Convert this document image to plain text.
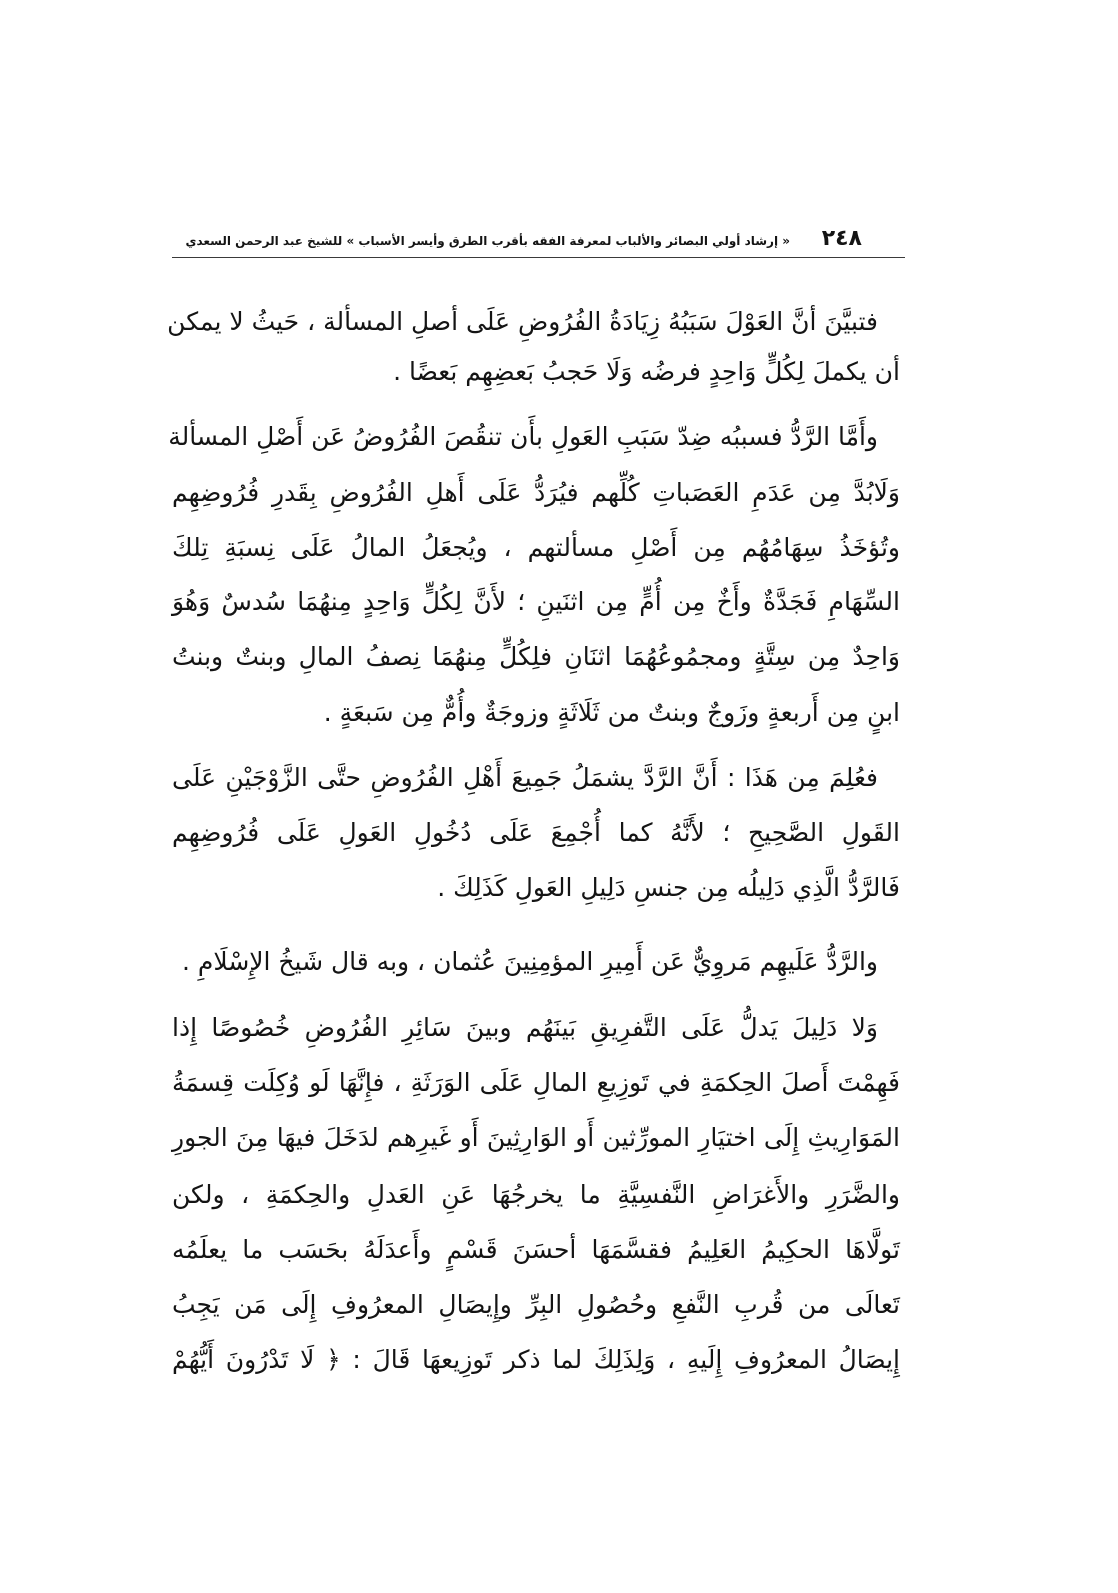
٢٤٨
« إرشاد أولي البصائر والألباب لمعرفة الفقه بأقرب الطرق وأيسر الأسباب » للشيخ عبد الرحمن السعدي
فتبيَّنَ أنَّ العَوْلَ سَبَبُهُ زِيَادَةُ الفُرُوضِ عَلَى أصلِ المسألة ، حَيثُ لا يمكن
أن يكملَ لِكُلٍّ وَاحِدٍ فرضُه وَلَا حَجبُ بَعضِهِم بَعضًا .
وأَمَّا الرَّدُّ فسببُه ضِدّ سَبَبِ العَولِ بأَن تنقُصَ الفُرُوضُ عَن أَصْلِ المسألة
وَلَابُدَّ مِن عَدَمِ العَصَباتِ كُلِّهم فيُرَدُّ عَلَى أَهلِ الفُرُوضِ بِقَدرِ فُرُوضِهِم
وتُؤخَذُ سِهَامُهُم مِن أَصْلِ مسألتهم ، ويُجعَلُ المالُ عَلَى نِسبَةِ تِلكَ
السِّهَامِ فَجَدَّةٌ وأَخٌ مِن أُمٍّ مِن اثنَينِ ؛ لأَنَّ لِكُلٍّ وَاحِدٍ مِنهُمَا سُدسٌ وَهُوَ
وَاحِدٌ مِن سِتَّةٍ ومجمُوعُهُمَا اثنَانِ فلِكُلٍّ مِنهُمَا نِصفُ المالِ وبنتٌ وبنتُ
ابنٍ مِن أَربعةٍ وزَوجٌ وبنتٌ من ثَلَاثَةٍ وزوجَةٌ وأُمٌّ مِن سَبعَةٍ .
فعُلِمَ مِن هَذَا : أَنَّ الرَّدَّ يشمَلُ جَمِيعَ أَهْلِ الفُرُوضِ حتَّى الزَّوْجَيْنِ عَلَى
القَولِ الصَّحِيحِ ؛ لأَنَّهُ كما أُجْمِعَ عَلَى دُخُولِ العَولِ عَلَى فُرُوضِهِم
فَالرَّدُّ الَّذِي دَلِيلُه مِن جنسِ دَلِيلِ العَولِ كَذَلِكَ .
والرَّدُّ عَلَيهِم مَروِيٌّ عَن أَمِيرِ المؤمِنِينَ عُثمان ، وبه قال شَيخُ الإِسْلَامِ .
وَلا دَلِيلَ يَدلُّ عَلَى التَّفرِيقِ بَينَهُم وبينَ سَائِرِ الفُرُوضِ خُصُوصًا إِذا
فَهِمْتَ أَصلَ الحِكمَةِ في تَوزِيعِ المالِ عَلَى الوَرَثَةِ ، فإِنَّهَا لَو وُكِلَت قِسمَةُ
المَوَارِيثِ إِلَى اختيَارِ المورِّثين أَو الوَارِثِينَ أَو غَيرِهم لدَخَلَ فيهَا مِنَ الجورِ
والضَّرَرِ والأَغرَاضِ النَّفسِيَّةِ ما يخرجُهَا عَنِ العَدلِ والحِكمَةِ ، ولكن
تَولَّاهَا الحكِيمُ العَلِيمُ فقسَّمَهَا أحسَنَ قَسْمٍ وأَعدَلَهُ بحَسَب ما يعلَمُه
تَعالَى من قُربِ النَّفعِ وحُصُولِ البِرِّ وإِيصَالِ المعرُوفِ إِلَى مَن يَجِبُ
إِيصَالُ المعرُوفِ إِلَيهِ ، وَلِذَلِكَ لما ذكر تَوزِيعهَا قَالَ : ﴿ لَا تَدْرُونَ أَيُّهُمْ
